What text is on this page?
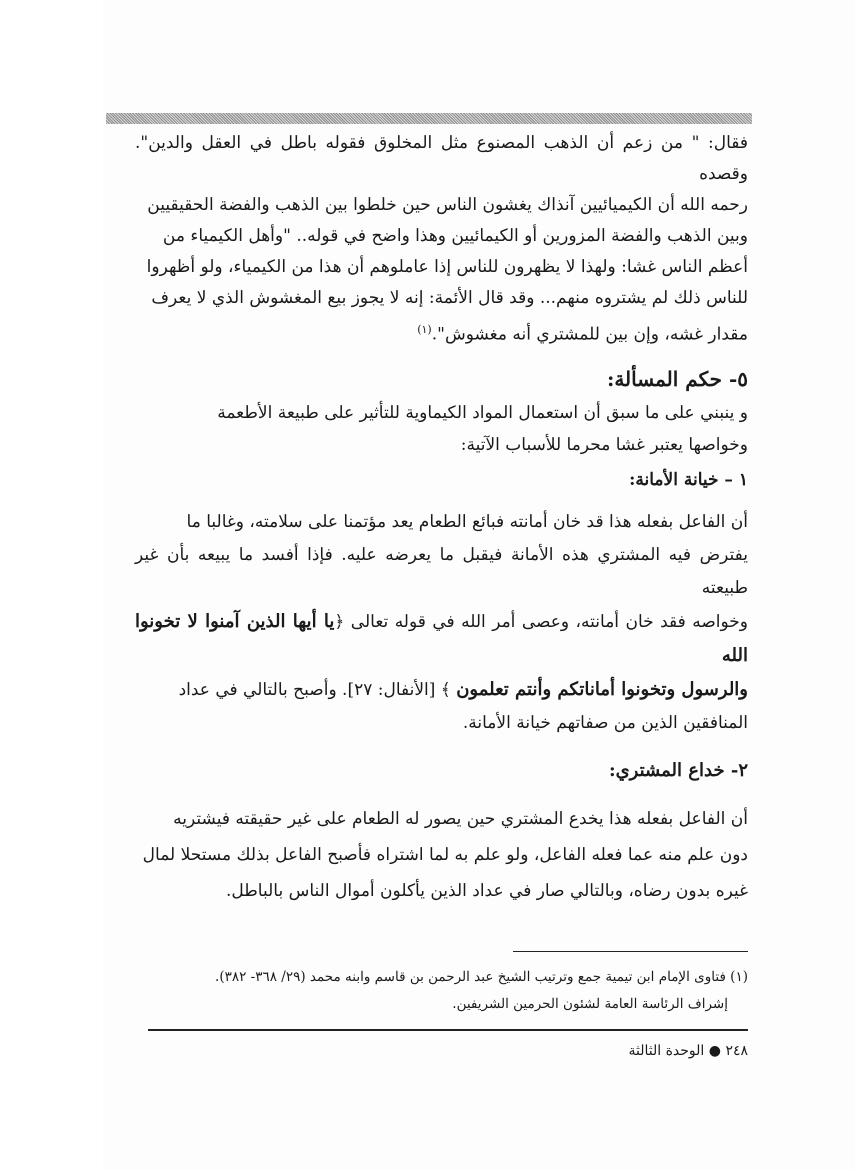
فقال: " من زعم أن الذهب المصنوع مثل المخلوق فقوله باطل في العقل والدين". وقصده

رحمه الله أن الكيميائيين آنذاك يغشون الناس حين خلطوا بين الذهب والفضة الحقيقيين

وبين الذهب والفضة المزورين أو الكيمائيين وهذا واضح في قوله.. "وأهل الكيمياء من

أعظم الناس غشا: ولهذا لا يظهرون للناس إذا عاملوهم أن هذا من الكيمياء، ولو أظهروا

للناس ذلك لم يشتروه منهم... وقد قال الأئمة: إنه لا يجوز بيع المغشوش الذي لا يعرف

مقدار غشه، وإن بين للمشتري أنه مغشوش".$^{(١)}$

٥- حكم المسألة:

و ينبني على ما سبق أن استعمال المواد الكيماوية للتأثير على طبيعة الأطعمة

وخواصها يعتبر غشا محرما للأسباب الآتية:

١ – خيانة الأمانة:

أن الفاعل بفعله هذا قد خان أمانته فبائع الطعام يعد مؤتمنا على سلامته، وغالبا ما

يفترض فيه المشتري هذه الأمانة فيقبل ما يعرضه عليه. فإذا أفسد ما يبيعه بأن غير طبيعته

وخواصه فقد خان أمانته، وعصى أمر الله في قوله تعالى ﴿يا أيها الذين آمنوا لا تخونوا الله

والرسول وتخونوا أماناتكم وأنتم تعلمون ﴾ [الأنفال: ٢٧]. وأصبح بالتالي في عداد

المنافقين الذين من صفاتهم خيانة الأمانة.

٢- خداع المشتري:

أن الفاعل بفعله هذا يخدع المشتري حين يصور له الطعام على غير حقيقته فيشتريه

دون علم منه عما فعله الفاعل، ولو علم به لما اشتراه فأصبح الفاعل بذلك مستحلا لمال

غيره بدون رضاه، وبالتالي صار في عداد الذين يأكلون أموال الناس بالباطل.

(١) فتاوى الإمام ابن تيمية جمع وترتيب الشيخ عبد الرحمن بن قاسم وابنه محمد (٢٩/ ٣٦٨- ٣٨٢).
إشراف الرئاسة العامة لشئون الحرمين الشريفين.
٢٤٨ ● الوحدة الثالثة
